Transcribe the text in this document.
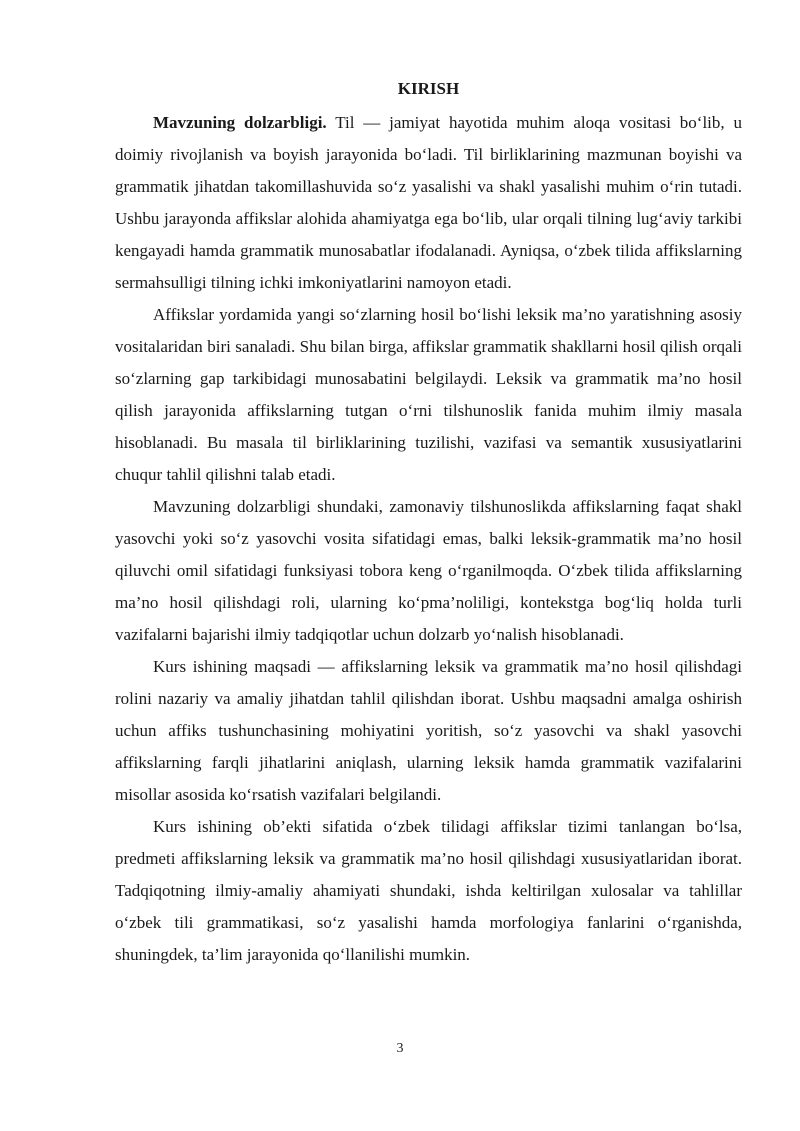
KIRISH

Mavzuning dolzarbligi. Til — jamiyat hayotida muhim aloqa vositasi bo‘lib, u doimiy rivojlanish va boyish jarayonida bo‘ladi. Til birliklarining mazmunan boyishi va grammatik jihatdan takomillashuvida so‘z yasalishi va shakl yasalishi muhim o‘rin tutadi. Ushbu jarayonda affikslar alohida ahamiyatga ega bo‘lib, ular orqali tilning lug‘aviy tarkibi kengayadi hamda grammatik munosabatlar ifodalanadi. Ayniqsa, o‘zbek tilida affikslarning sermahsulligi tilning ichki imkoniyatlarini namoyon etadi.

Affikslar yordamida yangi so‘zlarning hosil bo‘lishi leksik ma’no yaratishning asosiy vositalaridan biri sanaladi. Shu bilan birga, affikslar grammatik shakllarni hosil qilish orqali so‘zlarning gap tarkibidagi munosabatini belgilaydi. Leksik va grammatik ma’no hosil qilish jarayonida affikslarning tutgan o‘rni tilshunoslik fanida muhim ilmiy masala hisoblanadi. Bu masala til birliklarining tuzilishi, vazifasi va semantik xususiyatlarini chuqur tahlil qilishni talab etadi.

Mavzuning dolzarbligi shundaki, zamonaviy tilshunoslikda affikslarning faqat shakl yasovchi yoki so‘z yasovchi vosita sifatidagi emas, balki leksik-grammatik ma’no hosil qiluvchi omil sifatidagi funksiyasi tobora keng o‘rganilmoqda. O‘zbek tilida affikslarning ma’no hosil qilishdagi roli, ularning ko‘pma’noliligi, kontekstga bog‘liq holda turli vazifalarni bajarishi ilmiy tadqiqotlar uchun dolzarb yo‘nalish hisoblanadi.

Kurs ishining maqsadi — affikslarning leksik va grammatik ma’no hosil qilishdagi rolini nazariy va amaliy jihatdan tahlil qilishdan iborat. Ushbu maqsadni amalga oshirish uchun affiks tushunchasining mohiyatini yoritish, so‘z yasovchi va shakl yasovchi affikslarning farqli jihatlarini aniqlash, ularning leksik hamda grammatik vazifalarini misollar asosida ko‘rsatish vazifalari belgilandi.

Kurs ishining ob’ekti sifatida o‘zbek tilidagi affikslar tizimi tanlangan bo‘lsa, predmeti affikslarning leksik va grammatik ma’no hosil qilishdagi xususiyatlaridan iborat. Tadqiqotning ilmiy-amaliy ahamiyati shundaki, ishda keltirilgan xulosalar va tahlillar o‘zbek tili grammatikasi, so‘z yasalishi hamda morfologiya fanlarini o‘rganishda, shuningdek, ta’lim jarayonida qo‘llanilishi mumkin.

3
